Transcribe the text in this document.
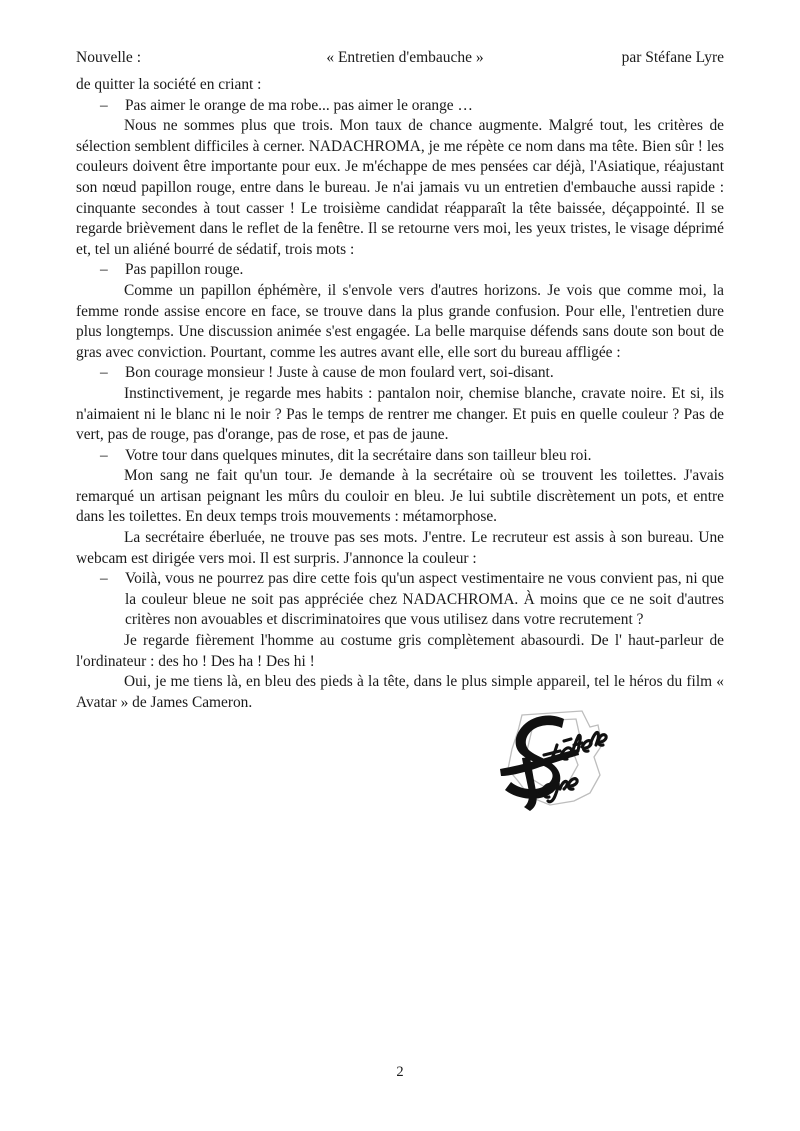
Nouvelle :	« Entretien d'embauche »	par Stéfane Lyre

de quitter la société en criant :

– Pas aimer le orange de ma robe... pas aimer le orange …

Nous ne sommes plus que trois. Mon taux de chance augmente. Malgré tout, les critères de sélection semblent difficiles à cerner. NADACHROMA, je me répète ce nom dans ma tête. Bien sûr ! les couleurs doivent être importante pour eux. Je m'échappe de mes pensées car déjà, l'Asiatique, réajustant son nœud papillon rouge, entre dans le bureau. Je n'ai jamais vu un entretien d'embauche aussi rapide : cinquante secondes à tout casser ! Le troisième candidat réapparaît la tête baissée, déçappointé. Il se regarde brièvement dans le reflet de la fenêtre. Il se retourne vers moi, les yeux tristes, le visage déprimé et, tel un aliéné bourré de sédatif, trois mots :

– Pas papillon rouge.

Comme un papillon éphémère, il s'envole vers d'autres horizons. Je vois que comme moi, la femme ronde assise encore en face, se trouve dans la plus grande confusion. Pour elle, l'entretien dure plus longtemps. Une discussion animée s'est engagée. La belle marquise défends sans doute son bout de gras avec conviction. Pourtant, comme les autres avant elle, elle sort du bureau affligée :

– Bon courage monsieur ! Juste à cause de mon foulard vert, soi-disant.

Instinctivement, je regarde mes habits : pantalon noir, chemise blanche, cravate noire. Et si, ils n'aimaient ni le blanc ni le noir ? Pas le temps de rentrer me changer. Et puis en quelle couleur ? Pas de vert, pas de rouge, pas d'orange, pas de rose, et pas de jaune.

– Votre tour dans quelques minutes, dit la secrétaire dans son tailleur bleu roi.

Mon sang ne fait qu'un tour. Je demande à la secrétaire où se trouvent les toilettes. J'avais remarqué un artisan peignant les mûrs du couloir en bleu. Je lui subtile discrètement un pots, et entre dans les toilettes. En deux temps trois mouvements : métamorphose.

La secrétaire éberluée, ne trouve pas ses mots. J'entre. Le recruteur est assis à son bureau. Une webcam est dirigée vers moi. Il est surpris. J'annonce la couleur :

– Voilà, vous ne pourrez pas dire cette fois qu'un aspect vestimentaire ne vous convient pas, ni que la couleur bleue ne soit pas appréciée chez NADACHROMA. À moins que ce ne soit d'autres critères non avouables et discriminatoires que vous utilisez dans votre recrutement ?

Je regarde fièrement l'homme au costume gris complètement abasourdi. De l' haut-parleur de l'ordinateur : des ho ! Des ha ! Des hi !

Oui, je me tiens là, en bleu des pieds à la tête, dans le plus simple appareil, tel le héros du film « Avatar » de James Cameron.

2
